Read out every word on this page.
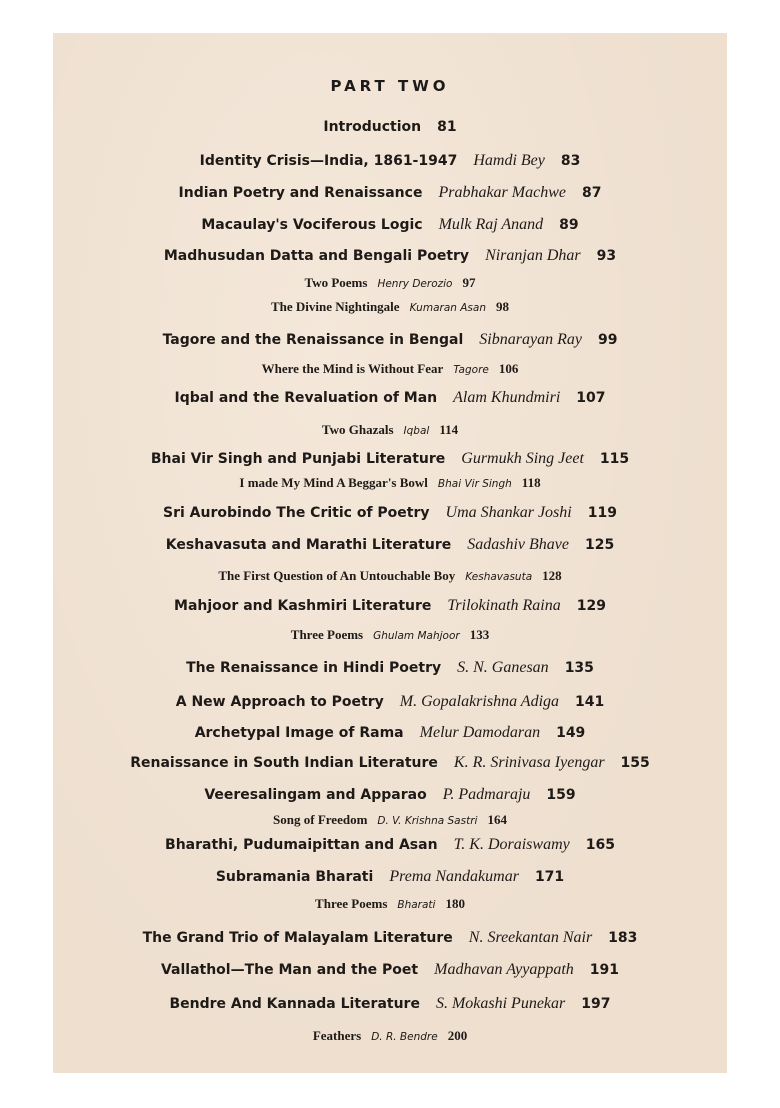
PART TWO
Introduction 81
Identity Crisis—India, 1861-1947 Hamdi Bey 83
Indian Poetry and Renaissance Prabhakar Machwe 87
Macaulay's Vociferous Logic Mulk Raj Anand 89
Madhusudan Datta and Bengali Poetry Niranjan Dhar 93
Two Poems Henry Derozio 97
The Divine Nightingale Kumaran Asan 98
Tagore and the Renaissance in Bengal Sibnarayan Ray 99
Where the Mind is Without Fear Tagore 106
Iqbal and the Revaluation of Man Alam Khundmiri 107
Two Ghazals Iqbal 114
Bhai Vir Singh and Punjabi Literature Gurmukh Sing Jeet 115
I made My Mind A Beggar's Bowl Bhai Vir Singh 118
Sri Aurobindo The Critic of Poetry Uma Shankar Joshi 119
Keshavasuta and Marathi Literature Sadashiv Bhave 125
The First Question of An Untouchable Boy Keshavasuta 128
Mahjoor and Kashmiri Literature Trilokinath Raina 129
Three Poems Ghulam Mahjoor 133
The Renaissance in Hindi Poetry S. N. Ganesan 135
A New Approach to Poetry M. Gopalakrishna Adiga 141
Archetypal Image of Rama Melur Damodaran 149
Renaissance in South Indian Literature K. R. Srinivasa Iyengar 155
Veeresalingam and Apparao P. Padmaraju 159
Song of Freedom D. V. Krishna Sastri 164
Bharathi, Pudumaipittan and Asan T. K. Doraiswamy 165
Subramania Bharati Prema Nandakumar 171
Three Poems Bharati 180
The Grand Trio of Malayalam Literature N. Sreekantan Nair 183
Vallathol—The Man and the Poet Madhavan Ayyappath 191
Bendre And Kannada Literature S. Mokashi Punekar 197
Feathers D. R. Bendre 200
